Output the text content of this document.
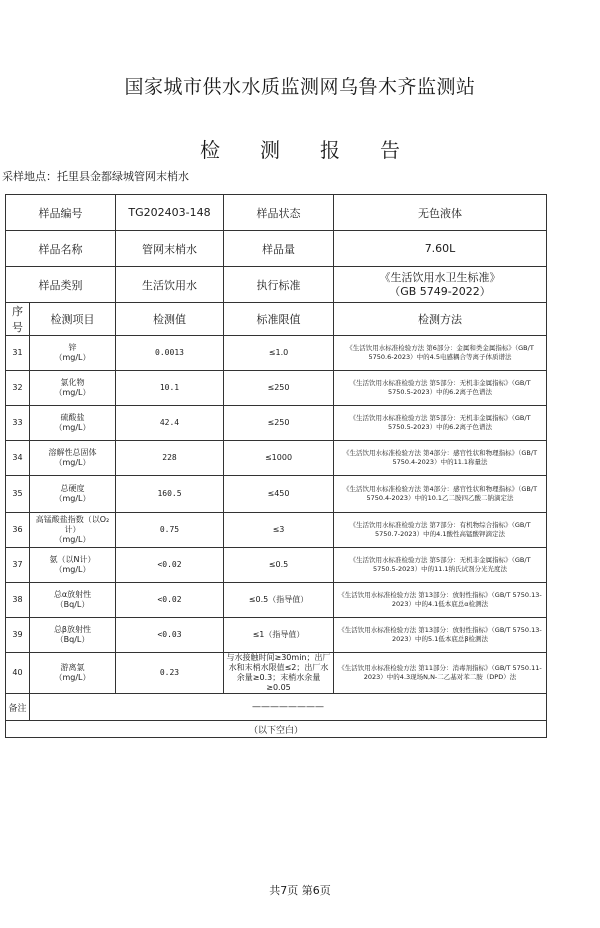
国家城市供水水质监测网乌鲁木齐监测站
检测报告
采样地点：托里县金都绿城管网末梢水
样品编号		TG202403-148	样品状态	无色液体
样品名称		管网末梢水	样品量	7.60L
样品类别		生活饮用水	执行标准	《生活饮用水卫生标准》
（GB 5749-2022）

序号	检测项目	检测值	标准限值	检测方法
31	锌
（mg/L）	0.0013	≤1.0	《生活饮用水标准检验方法 第6部分：金属和类金属指标》（GB/T 5750.6-2023）中的4.5电感耦合等离子体质谱法
32	氯化物
（mg/L）	10.1	≤250	《生活饮用水标准检验方法 第5部分：无机非金属指标》（GB/T 5750.5-2023）中的6.2离子色谱法
33	硫酸盐
（mg/L）	42.4	≤250	《生活饮用水标准检验方法 第5部分：无机非金属指标》（GB/T 5750.5-2023）中的6.2离子色谱法
34	溶解性总固体
（mg/L）	228	≤1000	《生活饮用水标准检验方法 第4部分：感官性状和物理指标》（GB/T 5750.4-2023）中的11.1称量法
35	总硬度
（mg/L）	160.5	≤450	《生活饮用水标准检验方法 第4部分：感官性状和物理指标》（GB/T 5750.4-2023）中的10.1乙二胺四乙酸二钠滴定法
36	高锰酸盐指数（以O₂计）
（mg/L）	0.75	≤3	《生活饮用水标准检验方法 第7部分：有机物综合指标》（GB/T 5750.7-2023）中的4.1酸性高锰酸钾滴定法
37	氨（以N计）
（mg/L）	<0.02	≤0.5	《生活饮用水标准检验方法 第5部分：无机非金属指标》（GB/T 5750.5-2023）中的11.1纳氏试剂分光光度法
38	总α放射性
（Bq/L）	<0.02	≤0.5（指导值）	《生活饮用水标准检验方法 第13部分：放射性指标》（GB/T 5750.13-2023）中的4.1低本底总α检测法
39	总β放射性
（Bq/L）	<0.03	≤1（指导值）	《生活饮用水标准检验方法 第13部分：放射性指标》（GB/T 5750.13-2023）中的5.1低本底总β检测法
40	游离氯
（mg/L）	0.23	与水接触时间≥30min；出厂水和末梢水限值≤2；出厂水余量≥0.3；末梢水余量≥0.05	《生活饮用水标准检验方法 第11部分：消毒剂指标》（GB/T 5750.11-2023）中的4.3现场N,N-二乙基对苯二胺（DPD）法
备注	————————			
（以下空白）				
共7页 第6页
